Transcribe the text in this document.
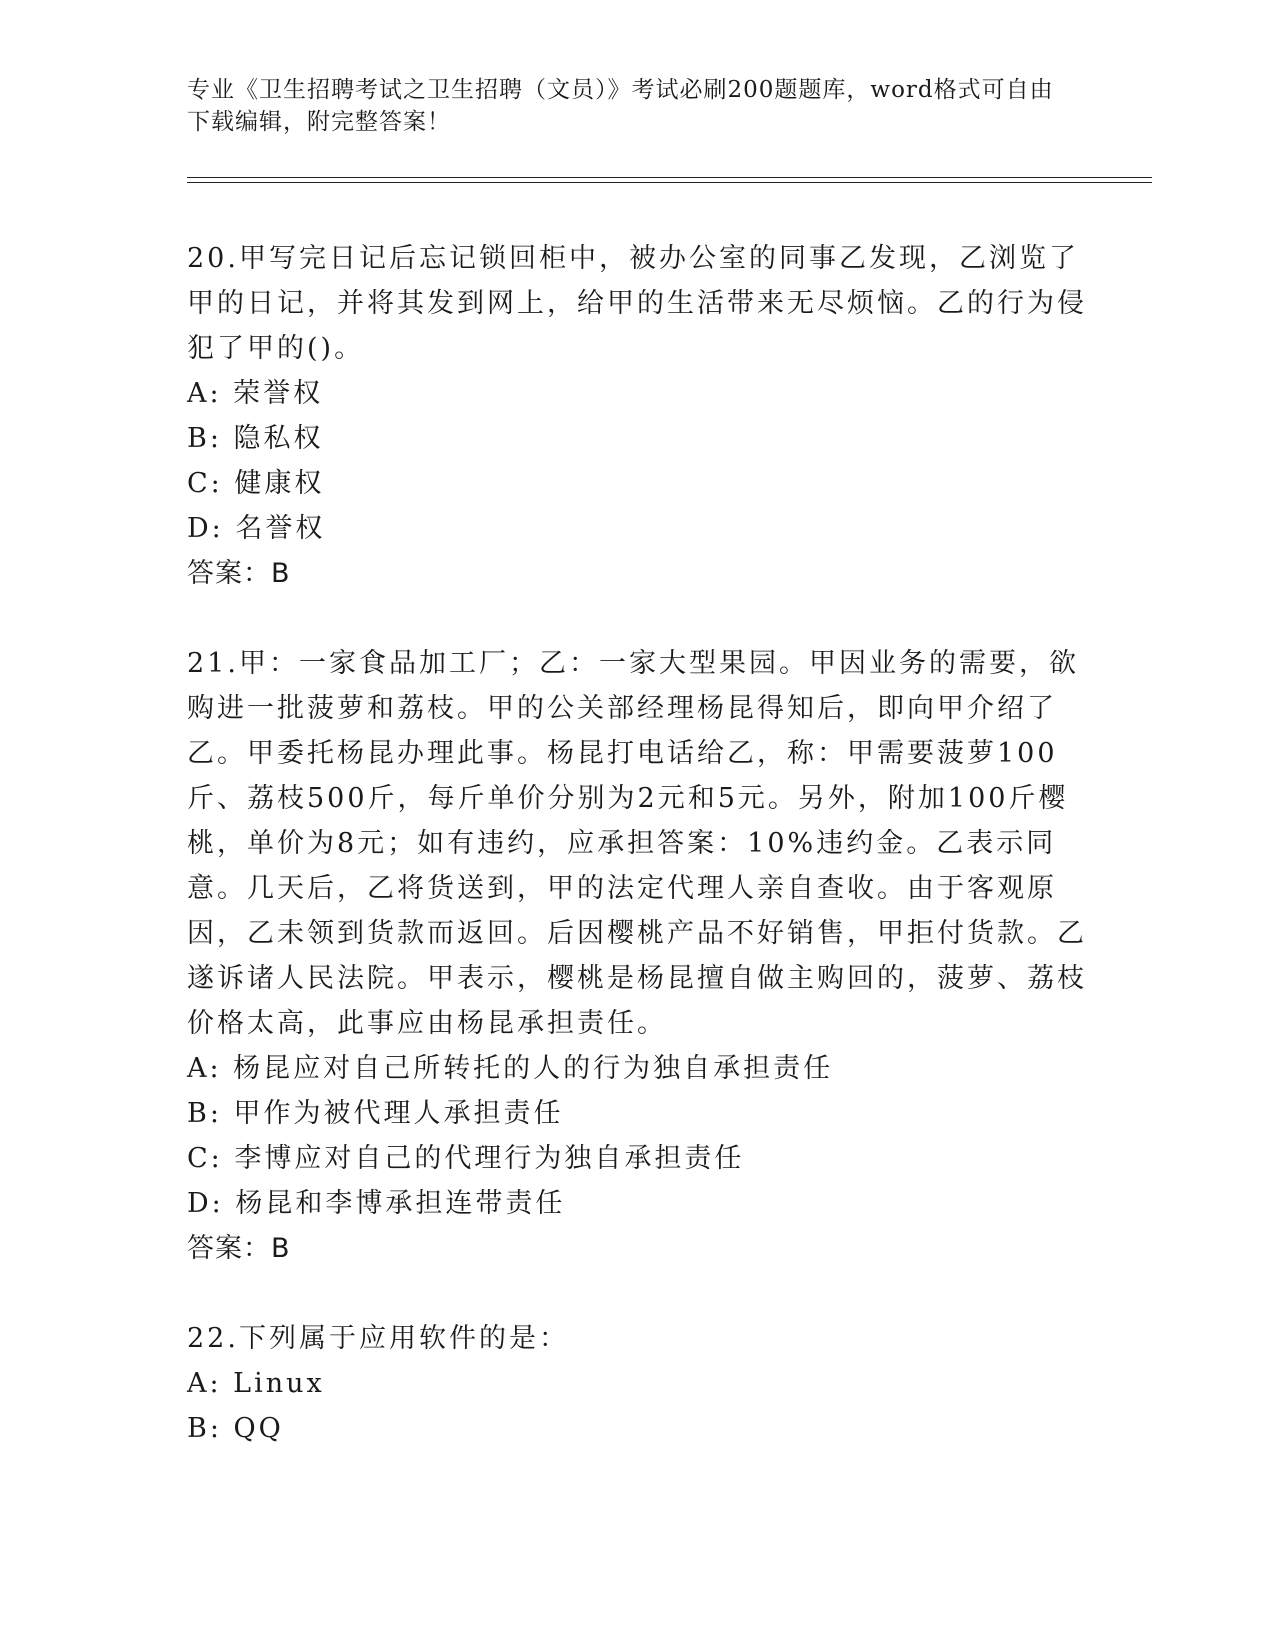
专业《卫生招聘考试之卫生招聘（文员）》考试必刷200题题库，word格式可自由下载编辑，附完整答案！

20.甲写完日记后忘记锁回柜中，被办公室的同事乙发现，乙浏览了甲的日记，并将其发到网上，给甲的生活带来无尽烦恼。乙的行为侵犯了甲的()。

A: 荣誉权

B: 隐私权

C: 健康权

D: 名誉权

答案：B

21.甲：一家食品加工厂；乙：一家大型果园。甲因业务的需要，欲购进一批菠萝和荔枝。甲的公关部经理杨昆得知后，即向甲介绍了乙。甲委托杨昆办理此事。杨昆打电话给乙，称：甲需要菠萝100斤、荔枝500斤，每斤单价分别为2元和5元。另外，附加100斤樱桃，单价为8元；如有违约，应承担答案：10%违约金。乙表示同意。几天后，乙将货送到，甲的法定代理人亲自查收。由于客观原因，乙未领到货款而返回。后因樱桃产品不好销售，甲拒付货款。乙遂诉诸人民法院。甲表示，樱桃是杨昆擅自做主购回的，菠萝、荔枝价格太高，此事应由杨昆承担责任。

A: 杨昆应对自己所转托的人的行为独自承担责任

B: 甲作为被代理人承担责任

C: 李博应对自己的代理行为独自承担责任

D: 杨昆和李博承担连带责任

答案：B

22.下列属于应用软件的是：

A: Linux

B: QQ
